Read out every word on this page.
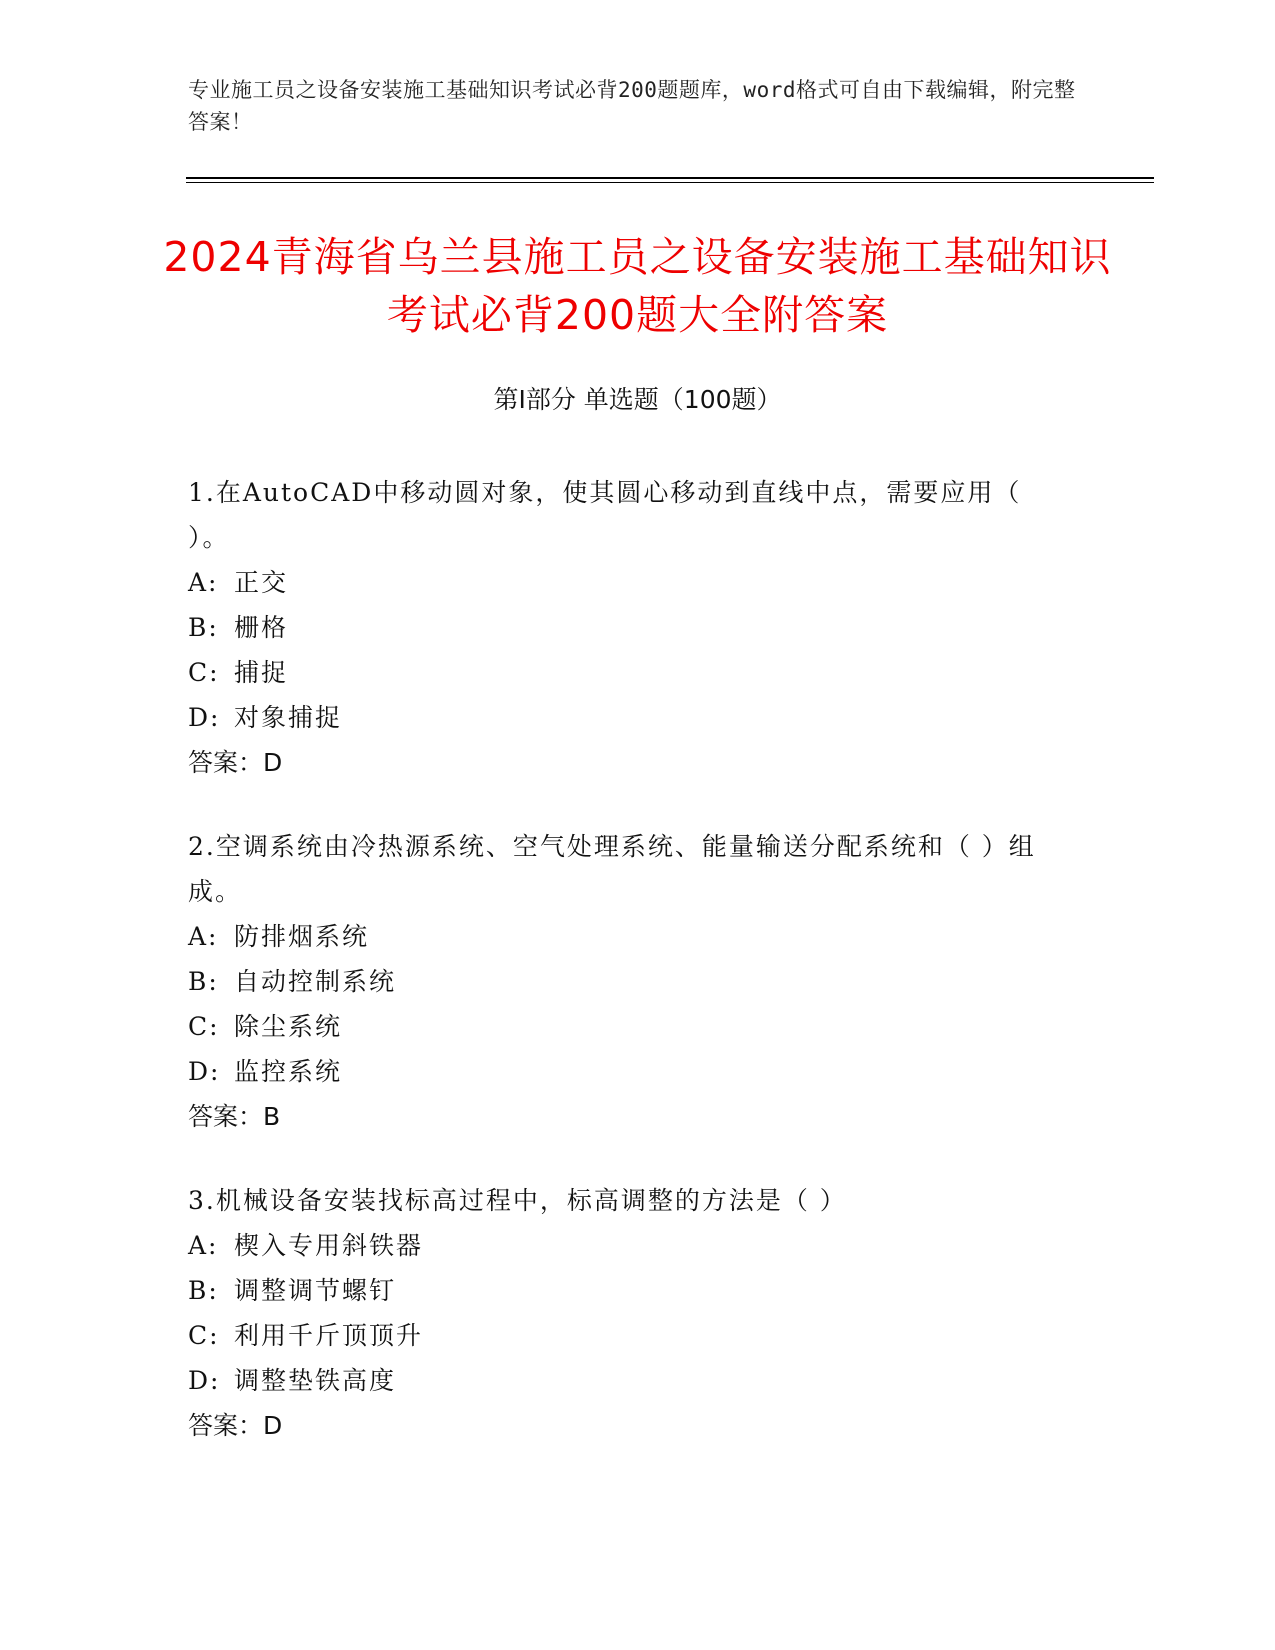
专业施工员之设备安装施工基础知识考试必背200题题库，word格式可自由下载编辑，附完整答案！
2024青海省乌兰县施工员之设备安装施工基础知识考试必背200题大全附答案
第Ⅰ部分 单选题（100题）
1.在AutoCAD中移动圆对象，使其圆心移动到直线中点，需要应用（ ）。
A: 正交
B: 栅格
C: 捕捉
D: 对象捕捉
答案：D
2.空调系统由冷热源系统、空气处理系统、能量输送分配系统和（ ）组成。
A: 防排烟系统
B: 自动控制系统
C: 除尘系统
D: 监控系统
答案：B
3.机械设备安装找标高过程中，标高调整的方法是（ ）
A: 楔入专用斜铁器
B: 调整调节螺钉
C: 利用千斤顶顶升
D: 调整垫铁高度
答案：D
